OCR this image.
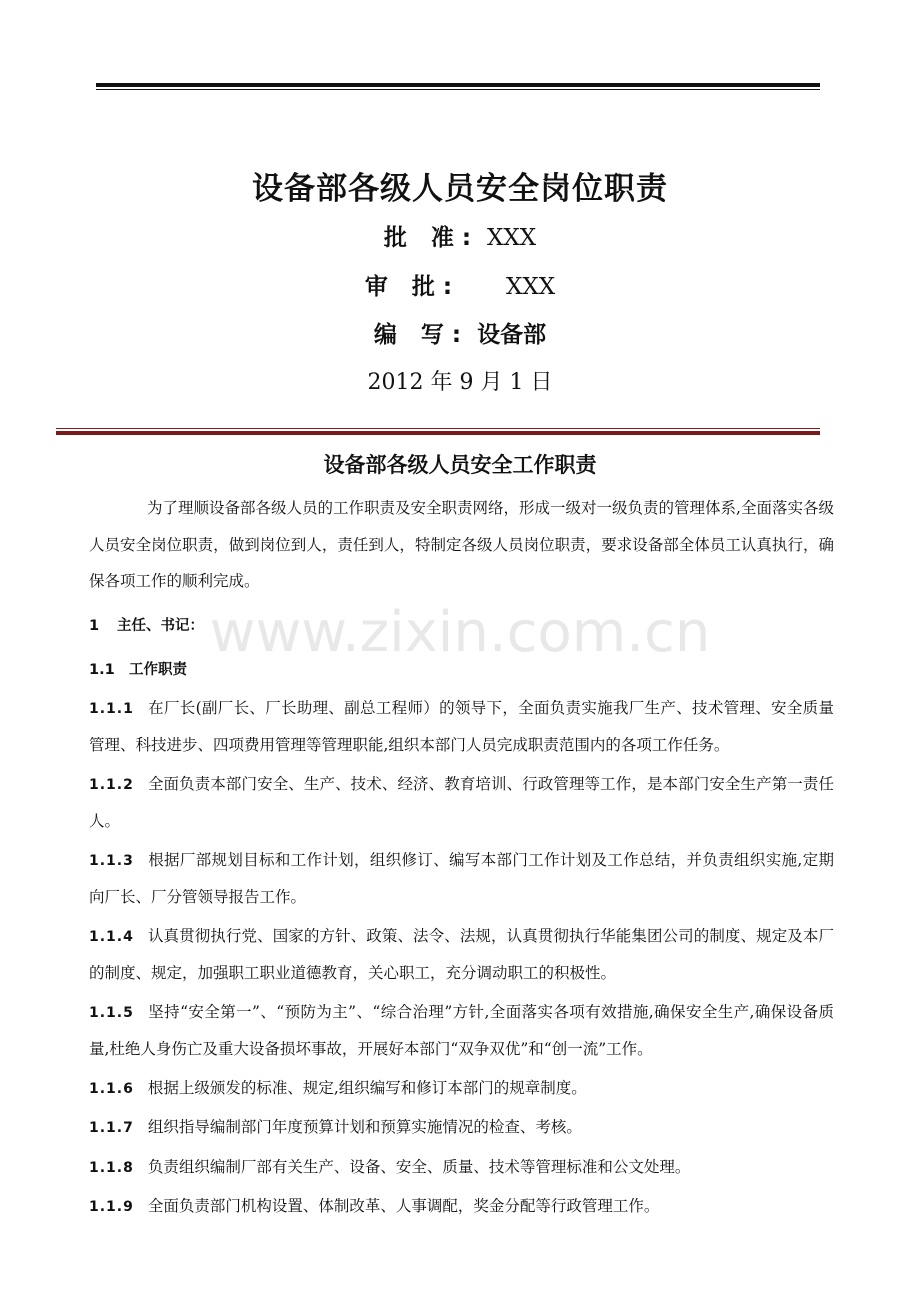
设备部各级人员安全岗位职责
批 准: XXX
审 批: XXX
编 写: 设备部
2012 年 9 月 1 日
设备部各级人员安全工作职责
www.zixin.com.cn

为了理顺设备部各级人员的工作职责及安全职责网络，形成一级对一级负责的管理体系,全面落实各级人员安全岗位职责，做到岗位到人，责任到人，特制定各级人员岗位职责，要求设备部全体员工认真执行，确保各项工作的顺利完成。

1 主任、书记：
1.1 工作职责
1.1.1 在厂长(副厂长、厂长助理、副总工程师）的领导下，全面负责实施我厂生产、技术管理、安全质量管理、科技进步、四项费用管理等管理职能,组织本部门人员完成职责范围内的各项工作任务。
1.1.2 全面负责本部门安全、生产、技术、经济、教育培训、行政管理等工作，是本部门安全生产第一责任人。
1.1.3 根据厂部规划目标和工作计划，组织修订、编写本部门工作计划及工作总结，并负责组织实施,定期向厂长、厂分管领导报告工作。
1.1.4 认真贯彻执行党、国家的方针、政策、法令、法规，认真贯彻执行华能集团公司的制度、规定及本厂的制度、规定，加强职工职业道德教育，关心职工，充分调动职工的积极性。
1.1.5 坚持“安全第一”、“预防为主”、“综合治理”方针,全面落实各项有效措施,确保安全生产,确保设备质量,杜绝人身伤亡及重大设备损坏事故，开展好本部门“双争双优”和“创一流”工作。
1.1.6 根据上级颁发的标准、规定,组织编写和修订本部门的规章制度。
1.1.7 组织指导编制部门年度预算计划和预算实施情况的检查、考核。
1.1.8 负责组织编制厂部有关生产、设备、安全、质量、技术等管理标准和公文处理。
1.1.9 全面负责部门机构设置、体制改革、人事调配，奖金分配等行政管理工作。
